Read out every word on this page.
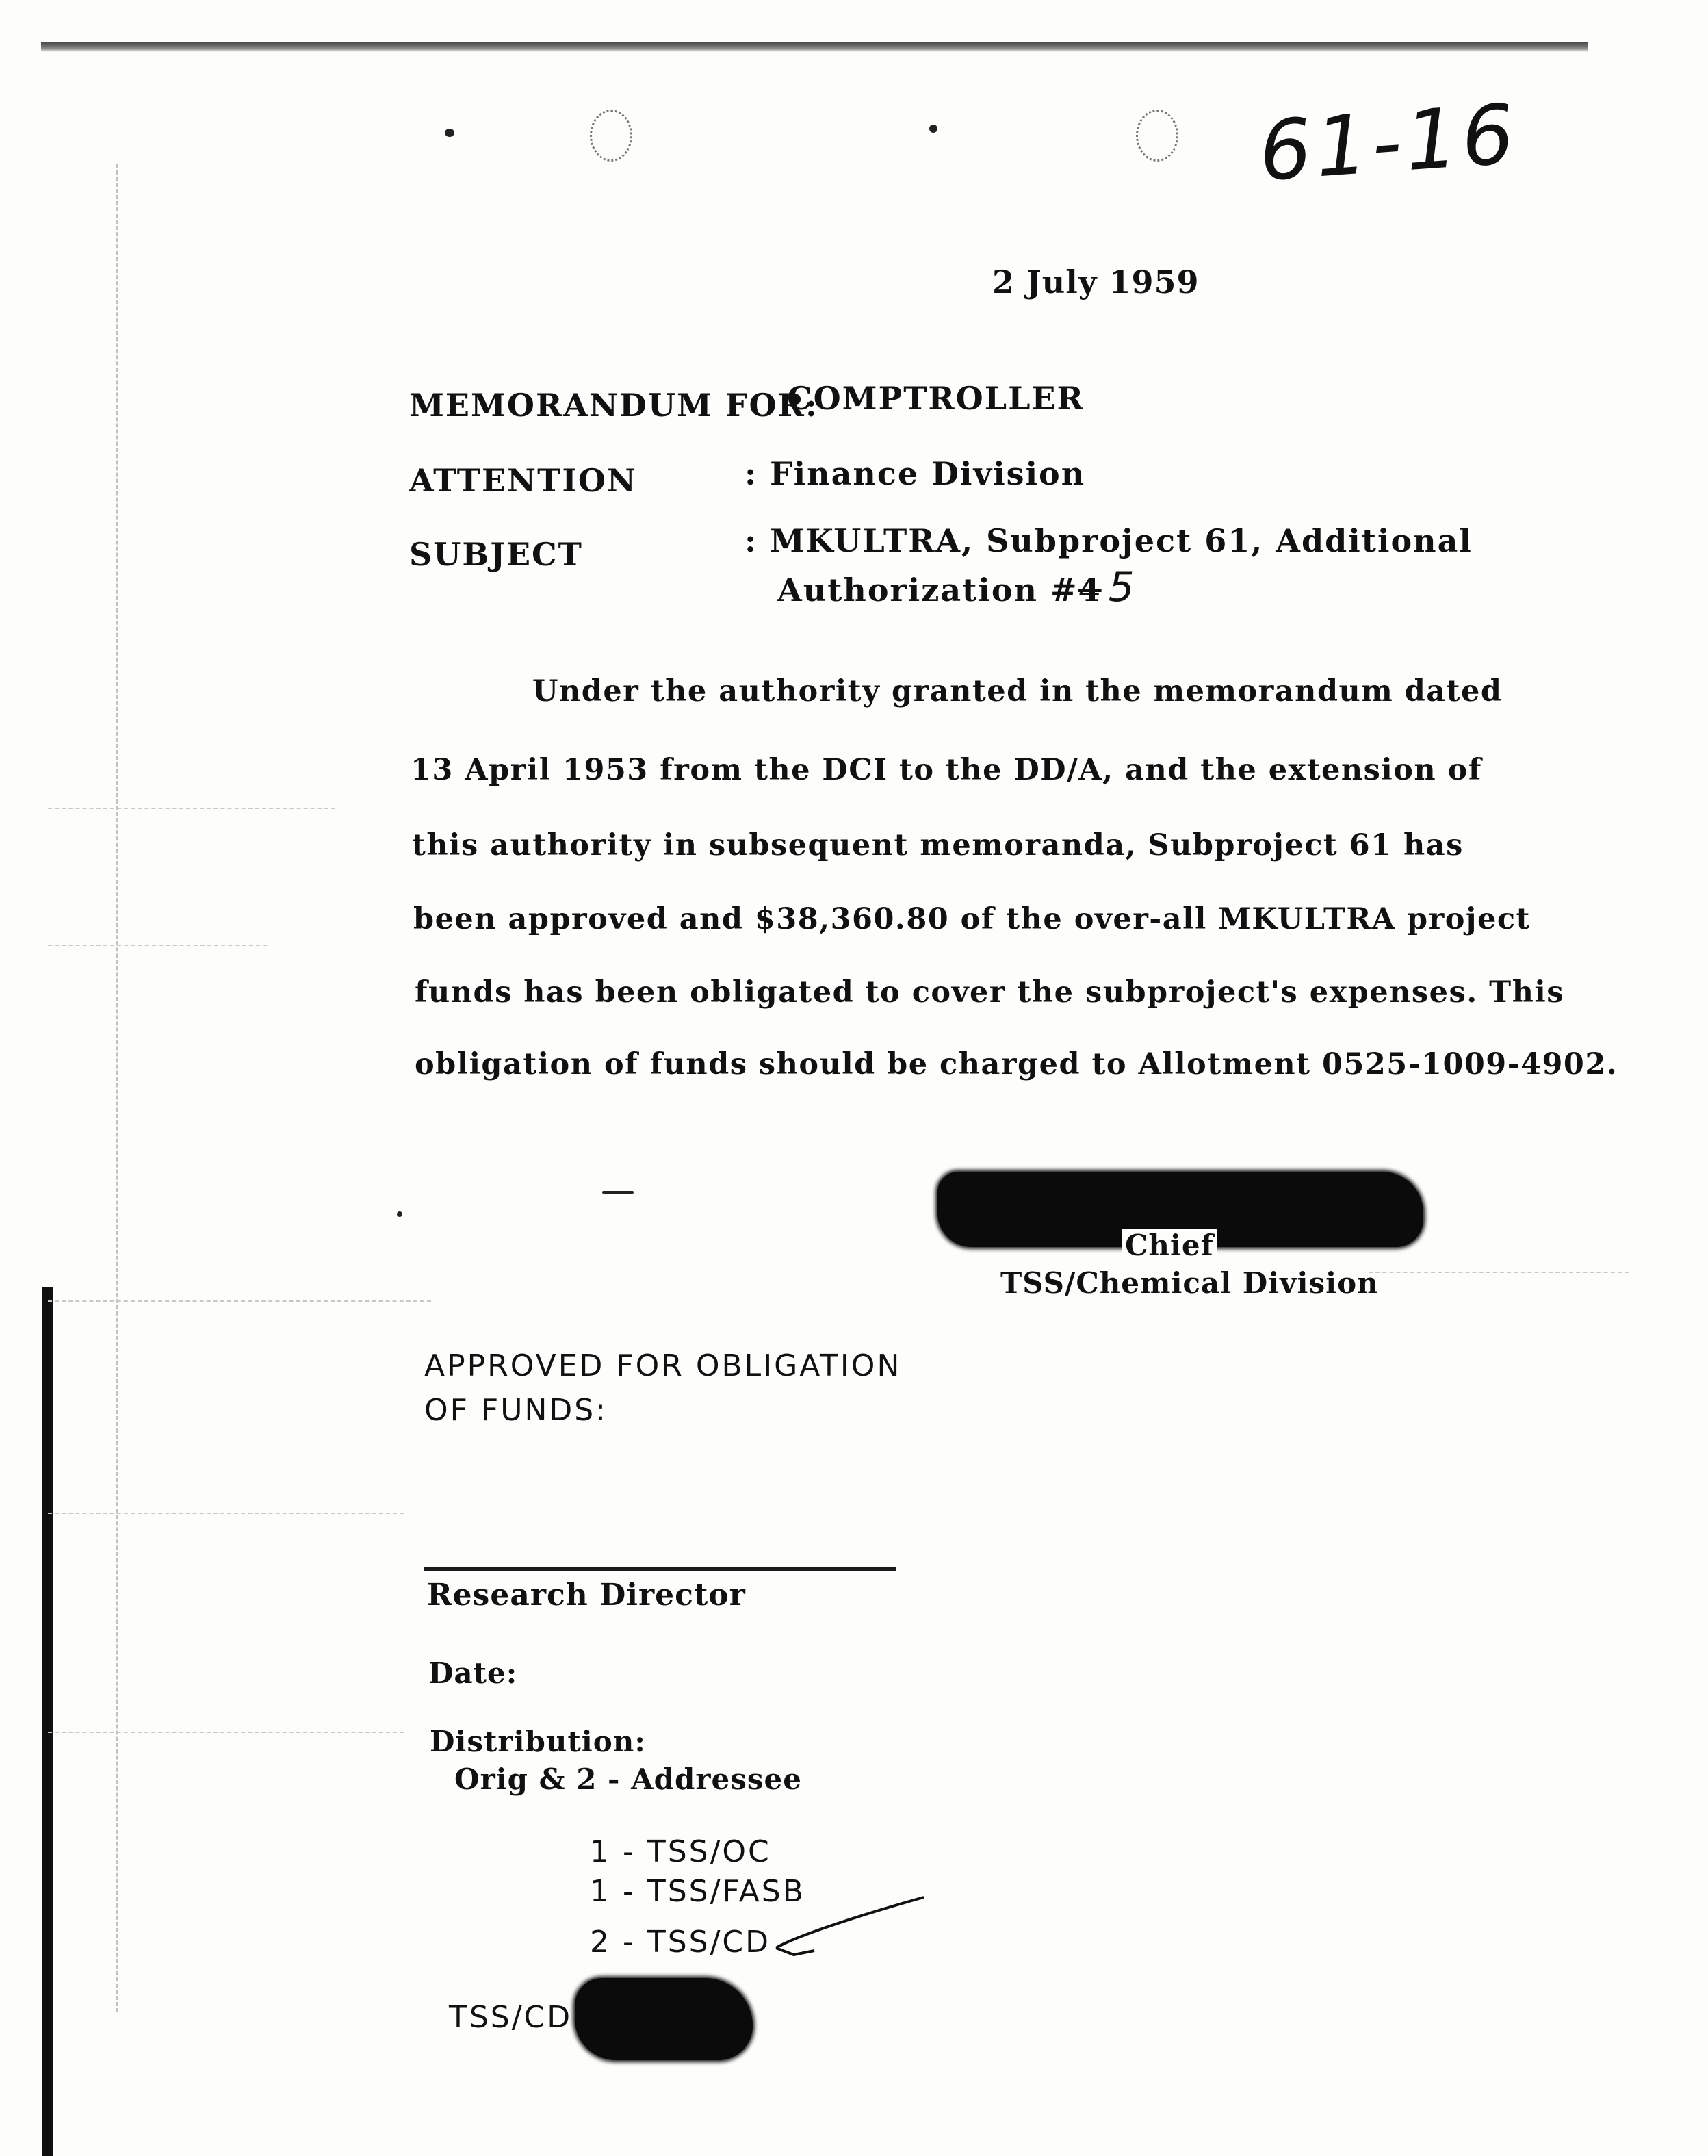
61-16
2 July 1959
MEMORANDUM FOR:
COMPTROLLER
ATTENTION	: Finance Division
SUBJECT	: MKULTRA, Subproject 61, Additional
Authorization #4 5
Under the authority granted in the memorandum dated
13 April 1953 from the DCI to the DD/A, and the extension of
this authority in subsequent memoranda, Subproject 61 has
been approved and $38,360.80 of the over-all MKULTRA project
funds has been obligated to cover the subproject's expenses. This
obligation of funds should be charged to Allotment 0525-1009-4902.
Chief
TSS/Chemical Division
APPROVED FOR OBLIGATION
OF FUNDS:
Research Director
Date:
Distribution:
Orig & 2 - Addressee
1 - TSS/OC
1 - TSS/FASB
2 - TSS/CD
TSS/CD
